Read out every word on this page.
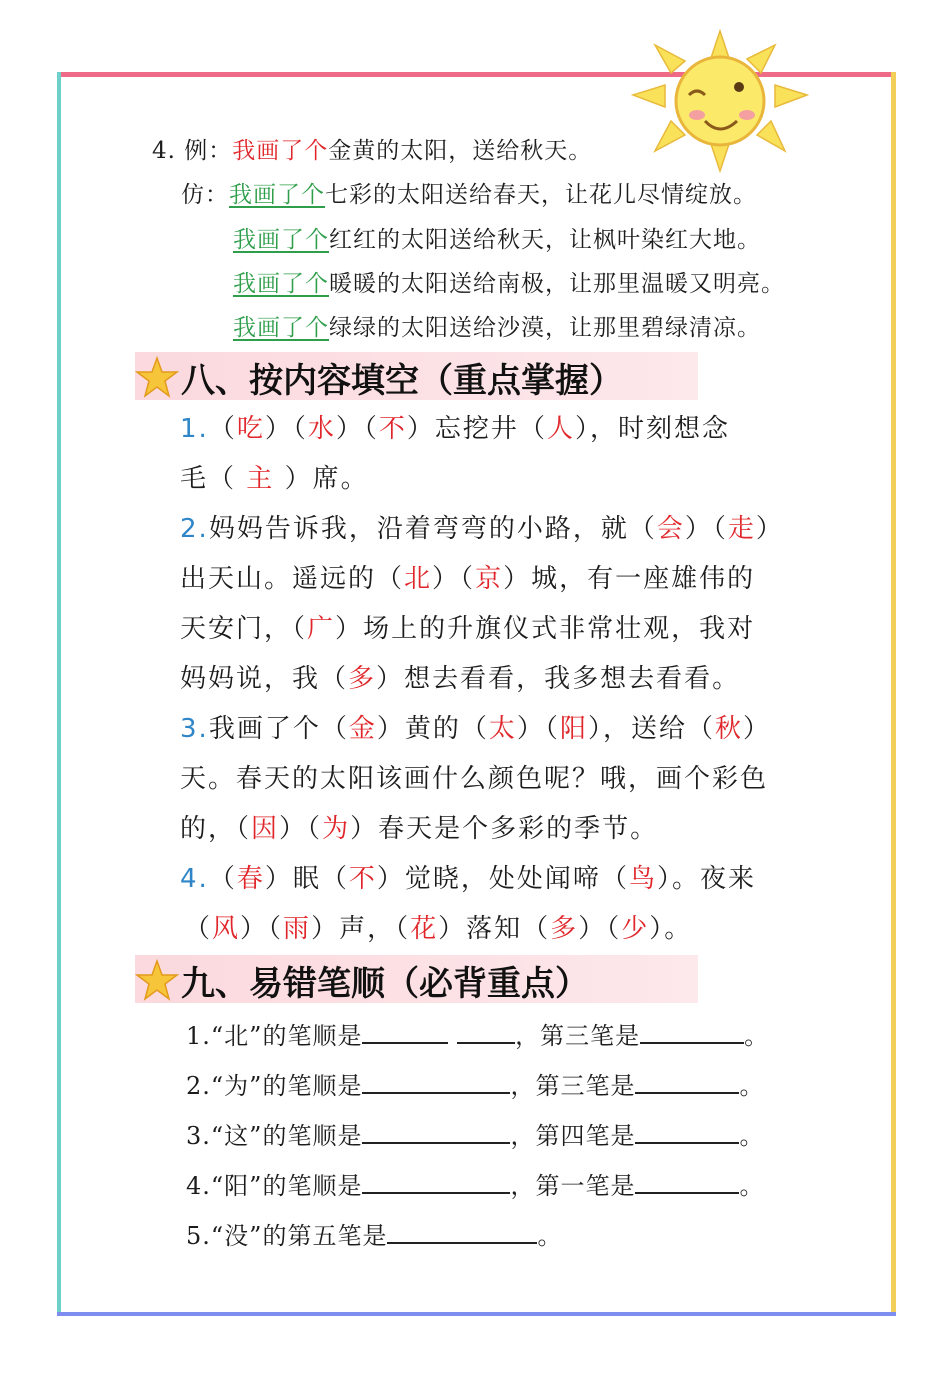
4. 例：我画了个金黄的太阳，送给秋天。
仿：我画了个七彩的太阳送给春天，让花儿尽情绽放。
我画了个红红的太阳送给秋天，让枫叶染红大地。
我画了个暖暖的太阳送给南极，让那里温暖又明亮。
我画了个绿绿的太阳送给沙漠，让那里碧绿清凉。
八、按内容填空（重点掌握）
1.（吃）（水）（不）忘挖井（人），时刻想念
毛（ 主 ）席。
2.妈妈告诉我，沿着弯弯的小路，就（会）（走）
出天山。遥远的（北）（京）城，有一座雄伟的
天安门，（广）场上的升旗仪式非常壮观，我对
妈妈说，我（多）想去看看，我多想去看看。
3.我画了个（金）黄的（太）（阳），送给（秋）
天。春天的太阳该画什么颜色呢？哦，画个彩色
的，（因）（为）春天是个多彩的季节。
4.（春）眠（不）觉晓，处处闻啼（鸟）。夜来
（风）（雨）声，（花）落知（多）（少）。
九、易错笔顺（必背重点）
1.“北”的笔顺是	，第三笔是	。
2.“为”的笔顺是	，第三笔是	。
3.“这”的笔顺是	，第四笔是	。
4.“阳”的笔顺是	，第一笔是	。
5.“没”的第五笔是	。
